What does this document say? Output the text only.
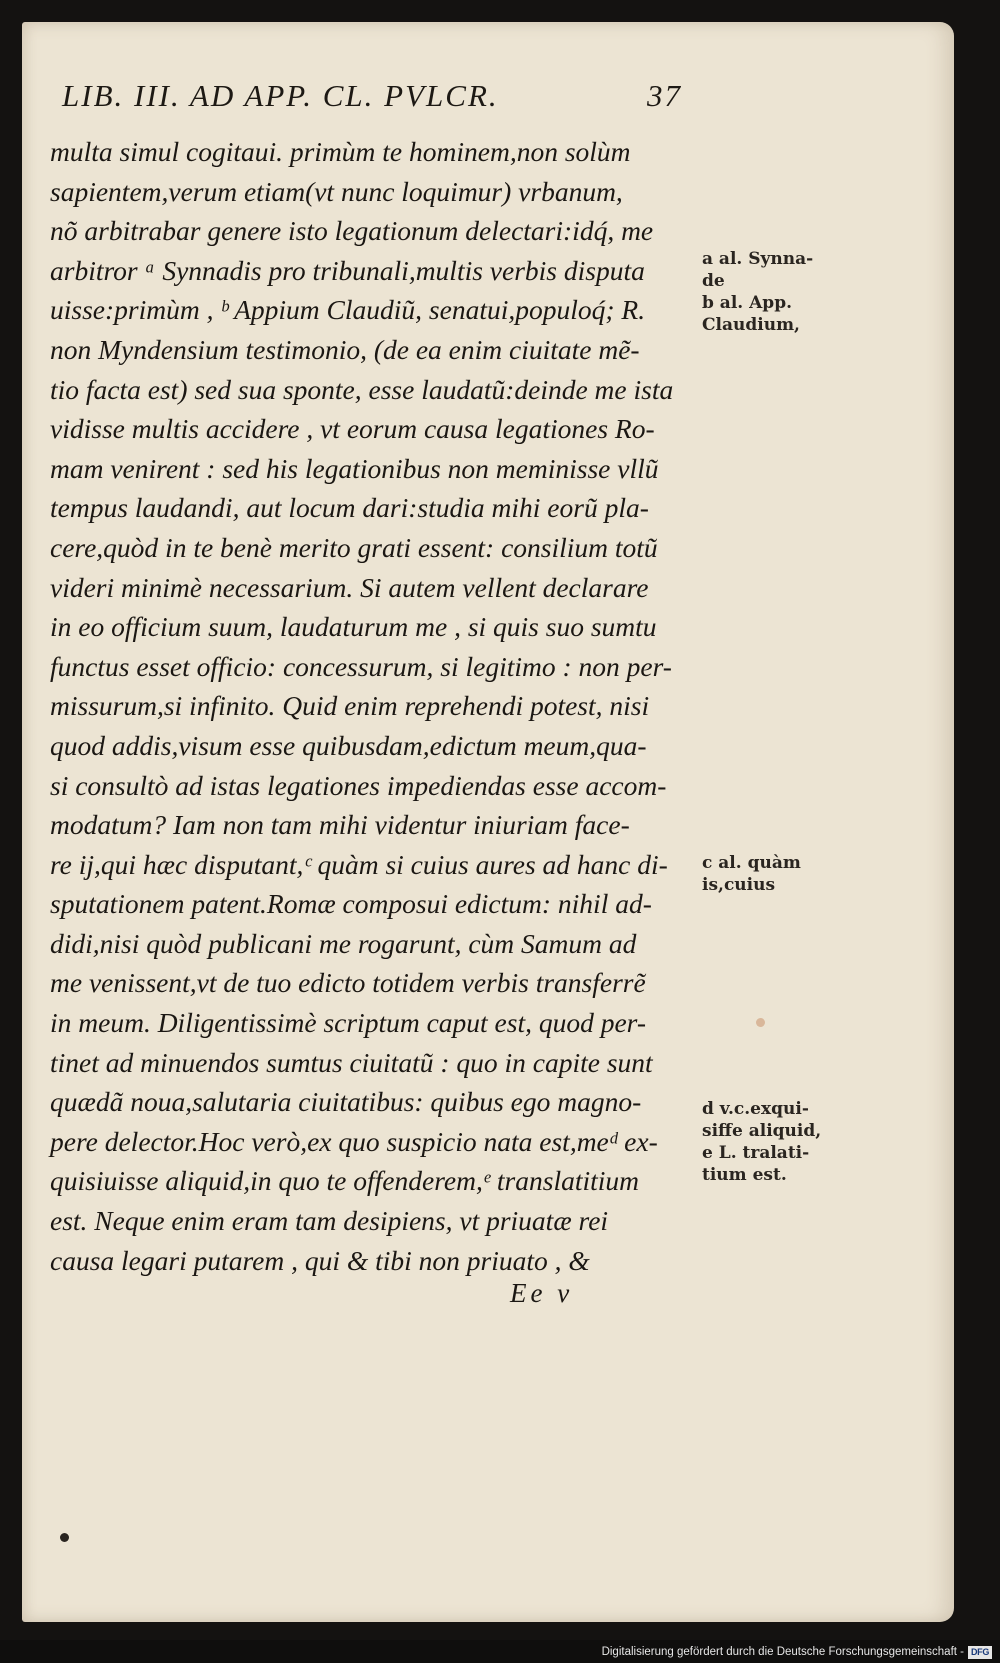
LIB. III. AD APP. CL. PVLCR.	37
multa simul cogitaui. primùm te hominem,non solùm
sapientem,verum etiam(vt nunc loquimur) vrbanum,
nõ arbitrabar genere isto legationum delectari:idq́, me
arbitror ᵃ Synnadis pro tribunali,multis verbis disputa
uisse:primùm , ᵇ Appium Claudiũ, senatui,populoq́; R.
non Myndensium testimonio, (de ea enim ciuitate mẽ-
tio facta est) sed sua sponte, esse laudatũ:deinde me ista
vidisse multis accidere , vt eorum causa legationes Ro-
mam venirent : sed his legationibus non meminisse vllũ
tempus laudandi, aut locum dari:studia mihi eorũ pla-
cere,quòd in te benè merito grati essent: consilium totũ
videri minimè necessarium. Si autem vellent declarare
in eo officium suum, laudaturum me , si quis suo sumtu
functus esset officio: concessurum, si legitimo : non per-
missurum,si infinito. Quid enim reprehendi potest, nisi
quod addis,visum esse quibusdam,edictum meum,qua-
si consultò ad istas legationes impediendas esse accom-
modatum? Iam non tam mihi videntur iniuriam face-
re ij,qui hæc disputant,ᶜ quàm si cuius aures ad hanc di-
sputationem patent.Romæ composui edictum: nihil ad-
didi,nisi quòd publicani me rogarunt, cùm Samum ad
me venissent,vt de tuo edicto totidem verbis transferrẽ
in meum. Diligentissimè scriptum caput est, quod per-
tinet ad minuendos sumtus ciuitatũ : quo in capite sunt
quædã noua,salutaria ciuitatibus: quibus ego magno-
pere delector.Hoc verò,ex quo suspicio nata est,meᵈ ex-
quisiuisse aliquid,in quo te offenderem,ᵉ translatitium
est. Neque enim eram tam desipiens, vt priuatæ rei
causa legari putarem , qui & tibi non priuato , &
Ee v
a al. Synna-
de
b al. App.
Claudium,
c al. quàm
is,cuius
d v.c.exqui-
siffe aliquid,
e L. tralati-
tium est.
Digitalisierung gefördert durch die Deutsche Forschungsgemeinschaft - DFG
